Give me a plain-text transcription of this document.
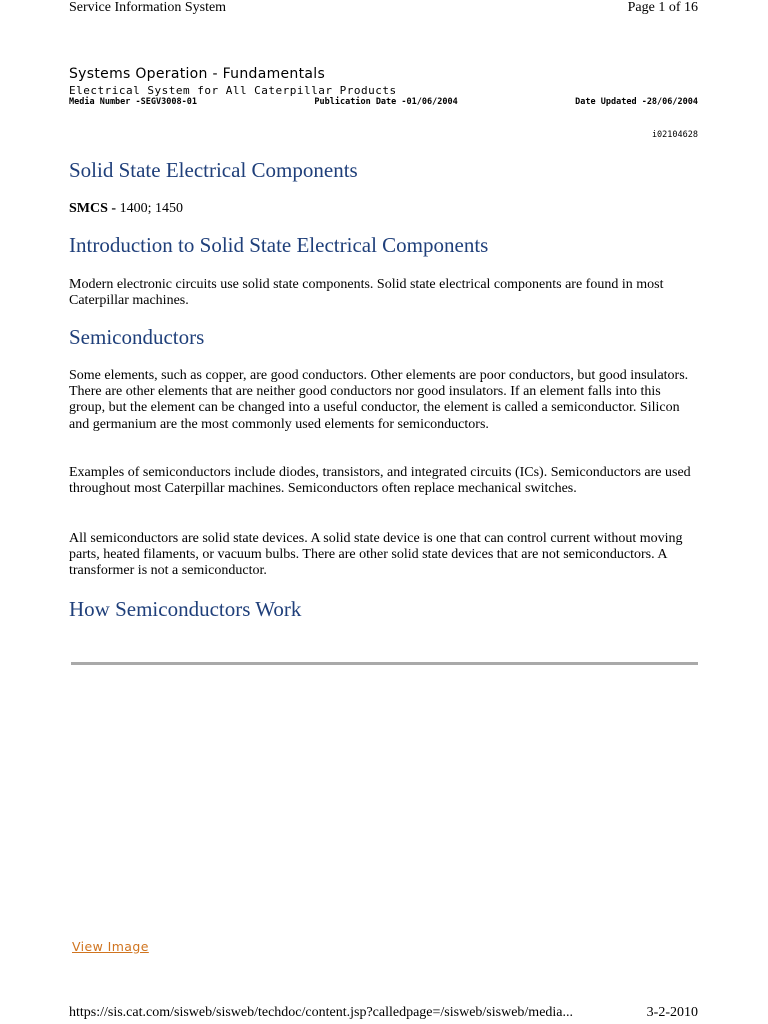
Service Information System	Page 1 of 16
Systems Operation - Fundamentals
Electrical System for All Caterpillar Products
Media Number -SEGV3008-01	Publication Date -01/06/2004	Date Updated -28/06/2004
i02104628
Solid State Electrical Components
SMCS - 1400; 1450
Introduction to Solid State Electrical Components

Modern electronic circuits use solid state components. Solid state electrical components are found in most Caterpillar machines.

Semiconductors

Some elements, such as copper, are good conductors. Other elements are poor conductors, but good insulators. There are other elements that are neither good conductors nor good insulators. If an element falls into this group, but the element can be changed into a useful conductor, the element is called a semiconductor. Silicon and germanium are the most commonly used elements for semiconductors.

Examples of semiconductors include diodes, transistors, and integrated circuits (ICs). Semiconductors are used throughout most Caterpillar machines. Semiconductors often replace mechanical switches.

All semiconductors are solid state devices. A solid state device is one that can control current without moving parts, heated filaments, or vacuum bulbs. There are other solid state devices that are not semiconductors. A transformer is not a semiconductor.

How Semiconductors Work
View Image
https://sis.cat.com/sisweb/sisweb/techdoc/content.jsp?calledpage=/sisweb/sisweb/media...	3-2-2010
